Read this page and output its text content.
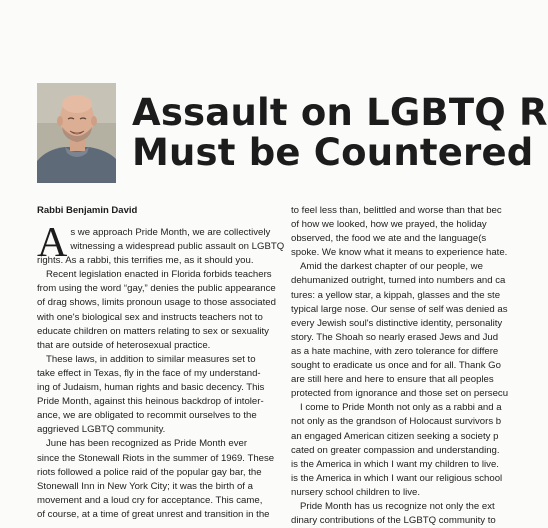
Assault on LGBTQ R
Must be Countered
Rabbi Benjamin David

A s we approach Pride Month, we are collectively
witnessing a widespread public assault on LGBTQ
rights. As a rabbi, this terrifies me, as it should you.

Recent legislation enacted in Florida forbids teachers
from using the word “gay,” denies the public appearance
of drag shows, limits pronoun usage to those associated
with one's biological sex and instructs teachers not to
educate children on matters relating to sex or sexuality
that are outside of heterosexual practice.

These laws, in addition to similar measures set to
take effect in Texas, fly in the face of my understand-
ing of Judaism, human rights and basic decency. This
Pride Month, against this heinous backdrop of intoler-
ance, we are obligated to recommit ourselves to the
aggrieved LGBTQ community.

June has been recognized as Pride Month ever
since the Stonewall Riots in the summer of 1969. These
riots followed a police raid of the popular gay bar, the
Stonewall Inn in New York City; it was the birth of a
movement and a loud cry for acceptance. This came,
of course, at a time of great unrest and transition in the

to feel less than, belittled and worse than that bec
of how we looked, how we prayed, the holiday
observed, the food we ate and the language(s
spoke. We know what it means to experience hate.

Amid the darkest chapter of our people, we
dehumanized outright, turned into numbers and ca
tures: a yellow star, a kippah, glasses and the ste
typical large nose. Our sense of self was denied as
every Jewish soul's distinctive identity, personality
story. The Shoah so nearly erased Jews and Jud
as a hate machine, with zero tolerance for differe
sought to eradicate us once and for all. Thank Go
are still here and here to ensure that all peoples
protected from ignorance and those set on persecu

I come to Pride Month not only as a rabbi and a
not only as the grandson of Holocaust survivors b
an engaged American citizen seeking a society p
cated on greater compassion and understanding.
is the America in which I want my children to live.
is the America in which I want our religious school
nursery school children to live.

Pride Month has us recognize not only the ext
dinary contributions of the LGBTQ community to
